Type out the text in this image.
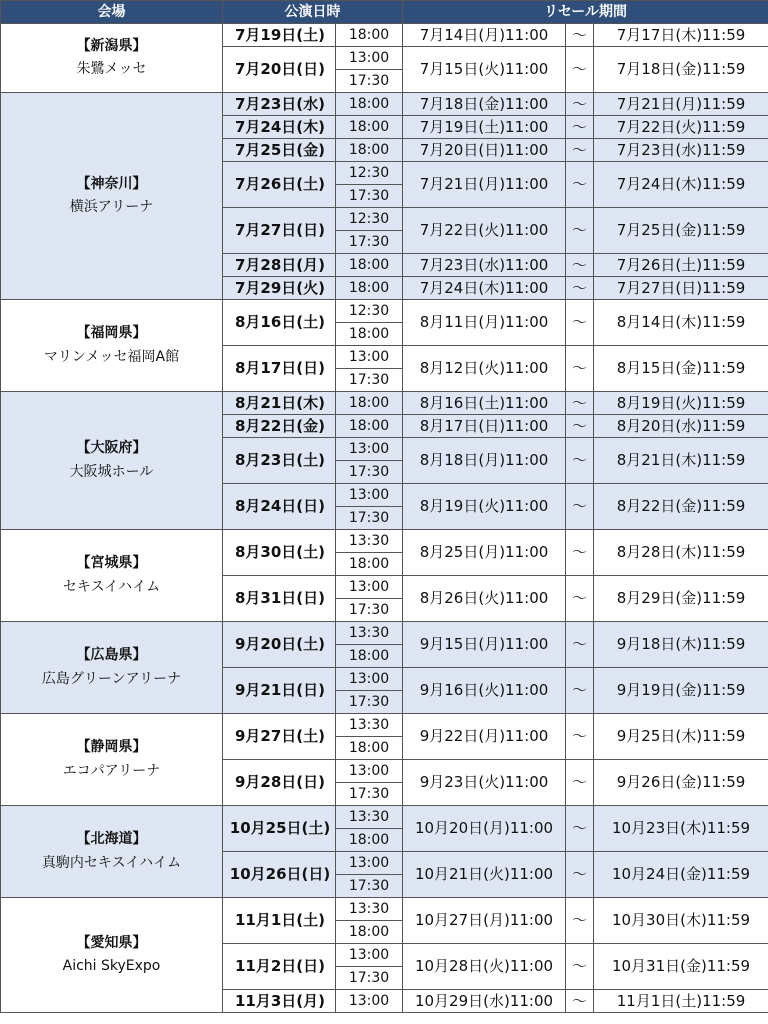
会場	公演日時		リセール期間		

【新潟県】
朱鷺メッセ	7月19日(土)	18:00	7月14日(月)11:00	～	7月17日(木)11:59
	7月20日(日)	13:00	7月15日(火)11:00	～	7月18日(金)11:59
		17:30			

【神奈川】
横浜アリーナ	7月23日(水)	18:00	7月18日(金)11:00	～	7月21日(月)11:59
	7月24日(木)	18:00	7月19日(土)11:00	～	7月22日(火)11:59
	7月25日(金)	18:00	7月20日(日)11:00	～	7月23日(水)11:59
	7月26日(土)	12:30	7月21日(月)11:00	～	7月24日(木)11:59
		17:30			
	7月27日(日)	12:30	7月22日(火)11:00	～	7月25日(金)11:59
		17:30			
	7月28日(月)	18:00	7月23日(水)11:00	～	7月26日(土)11:59
	7月29日(火)	18:00	7月24日(木)11:00	～	7月27日(日)11:59

【福岡県】
マリンメッセ福岡A館	8月16日(土)	12:30	8月11日(月)11:00	～	8月14日(木)11:59
		18:00			
	8月17日(日)	13:00	8月12日(火)11:00	～	8月15日(金)11:59
		17:30			

【大阪府】
大阪城ホール	8月21日(木)	18:00	8月16日(土)11:00	～	8月19日(火)11:59
	8月22日(金)	18:00	8月17日(日)11:00	～	8月20日(水)11:59
	8月23日(土)	13:00	8月18日(月)11:00	～	8月21日(木)11:59
		17:30			
	8月24日(日)	13:00	8月19日(火)11:00	～	8月22日(金)11:59
		17:30			

【宮城県】
セキスイハイム	8月30日(土)	13:30	8月25日(月)11:00	～	8月28日(木)11:59
		18:00			
	8月31日(日)	13:00	8月26日(火)11:00	～	8月29日(金)11:59
		17:30			

【広島県】
広島グリーンアリーナ	9月20日(土)	13:30	9月15日(月)11:00	～	9月18日(木)11:59
		18:00			
	9月21日(日)	13:00	9月16日(火)11:00	～	9月19日(金)11:59
		17:30			

【静岡県】
エコパアリーナ	9月27日(土)	13:30	9月22日(月)11:00	～	9月25日(木)11:59
		18:00			
	9月28日(日)	13:00	9月23日(火)11:00	～	9月26日(金)11:59
		17:30			

【北海道】
真駒内セキスイハイム	10月25日(土)	13:30	10月20日(月)11:00	～	10月23日(木)11:59
		18:00			
	10月26日(日)	13:00	10月21日(火)11:00	～	10月24日(金)11:59
		17:30			

【愛知県】
Aichi SkyExpo	11月1日(土)	13:30	10月27日(月)11:00	～	10月30日(木)11:59
		18:00			
	11月2日(日)	13:00	10月28日(火)11:00	～	10月31日(金)11:59
		17:30			
	11月3日(月)	13:00	10月29日(水)11:00	～	11月1日(土)11:59
